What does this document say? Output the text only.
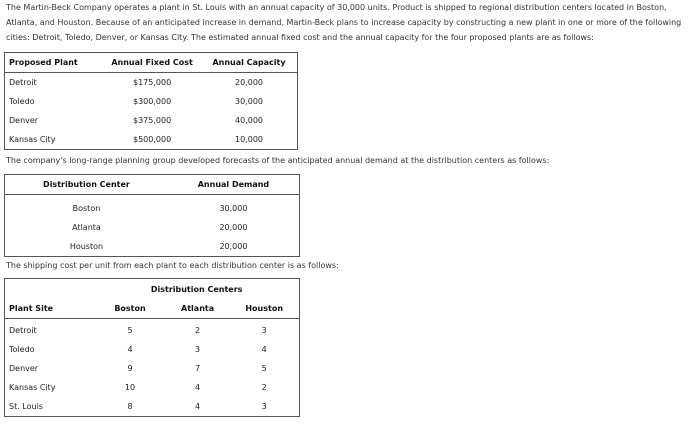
The Martin-Beck Company operates a plant in St. Louis with an annual capacity of 30,000 units. Product is shipped to regional distribution centers located in Boston, Atlanta, and Houston. Because of an anticipated increase in demand, Martin-Beck plans to increase capacity by constructing a new plant in one or more of the following cities: Detroit, Toledo, Denver, or Kansas City. The estimated annual fixed cost and the annual capacity for the four proposed plants are as follows:

Proposed Plant	Annual Fixed Cost	Annual Capacity
Detroit	$175,000	20,000
Toledo	$300,000	30,000
Denver	$375,000	40,000
Kansas City	$500,000	10,000

The company's long-range planning group developed forecasts of the anticipated annual demand at the distribution centers as follows:

Distribution Center	Annual Demand
Boston	30,000
Atlanta	20,000
Houston	20,000

The shipping cost per unit from each plant to each distribution center is as follows:

	Distribution Centers		
Plant Site	Boston	Atlanta	Houston
Detroit	5	2	3
Toledo	4	3	4
Denver	9	7	5
Kansas City	10	4	2
St. Louis	8	4	3
